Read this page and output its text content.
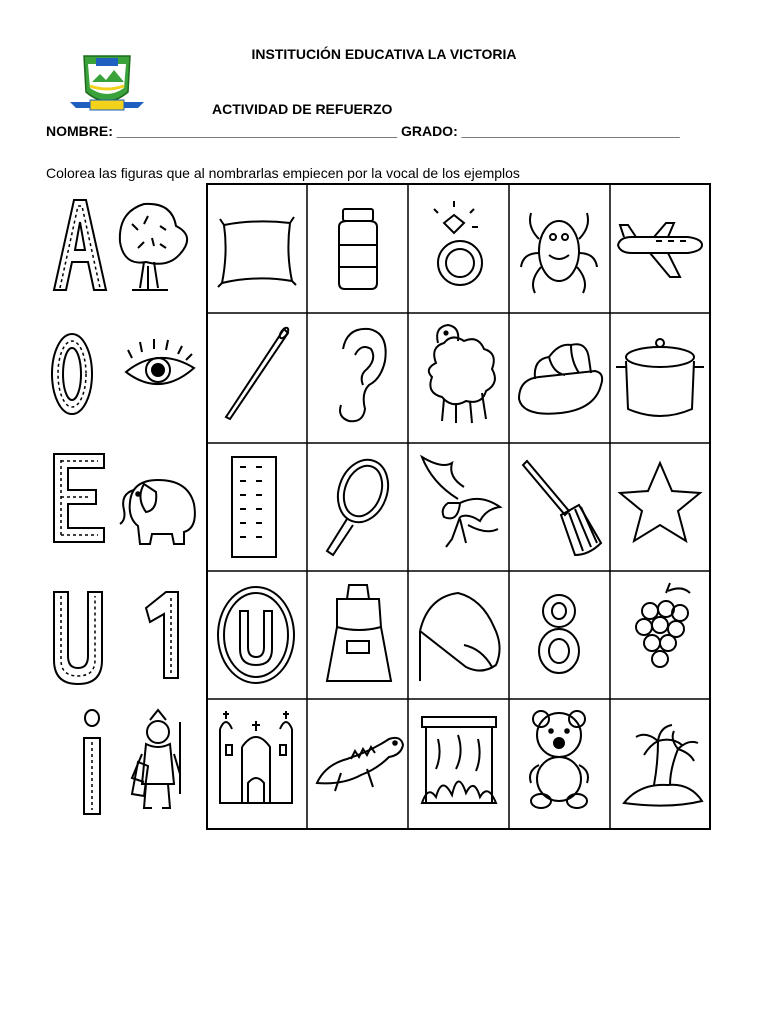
INSTITUCIÓN EDUCATIVA LA VICTORIA
ACTIVIDAD DE REFUERZO
NOMBRE: ____________________________________ GRADO: ____________________________
Colorea las figuras que al nombrarlas empiecen por la vocal de los ejemplos
